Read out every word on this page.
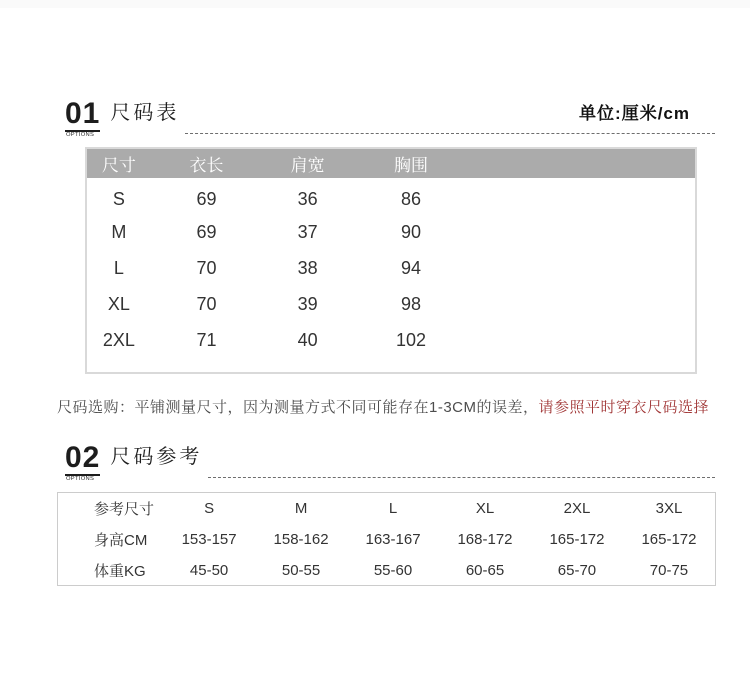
01
OPTIONS
尺码表	单位:厘米/cm
尺寸	衣长	肩宽	胸围	
S	69	36	86	
M	69	37	90	
L	70	38	94	
XL	70	39	98	
2XL	71	40	102	
尺码选购：平铺测量尺寸，因为测量方式不同可能存在1-3CM的误差，请参照平时穿衣尺码选择
02
OPTIONS
尺码参考
参考尺寸	S	M	L	XL	2XL	3XL
身高CM	153-157	158-162	163-167	168-172	165-172	165-172
体重KG	45-50	50-55	55-60	60-65	65-70	70-75
